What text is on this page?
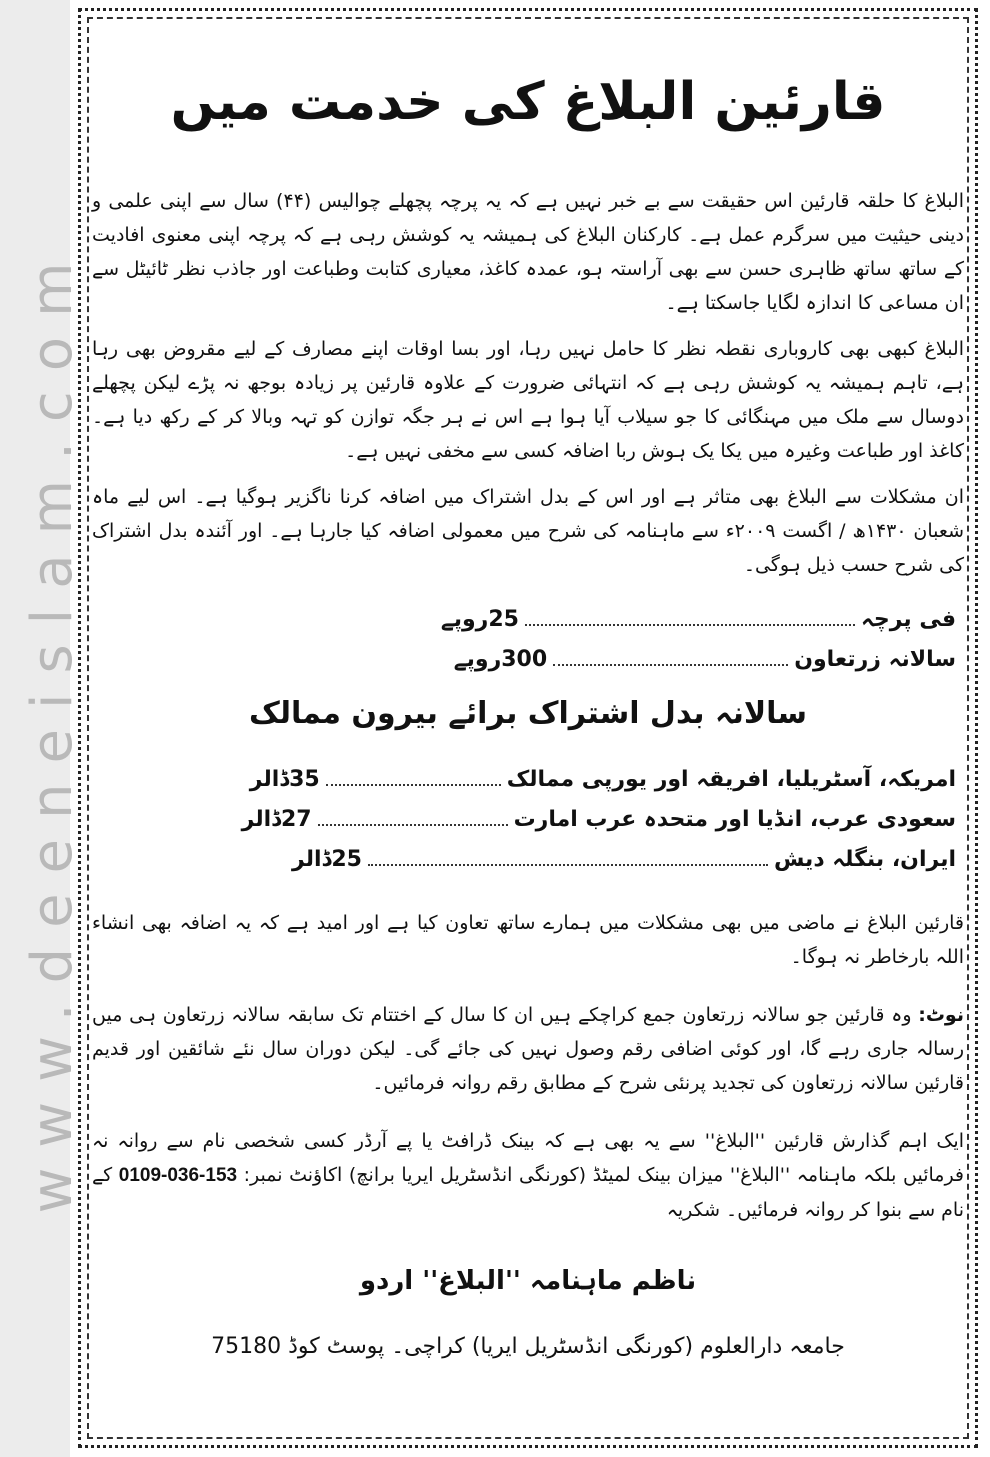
www.deeneislam.com
قارئین البلاغ کی خدمت میں

البلاغ کا حلقہ قارئین اس حقیقت سے بے خبر نہیں ہے کہ یہ پرچہ پچھلے چوالیس (۴۴) سال سے اپنی علمی و دینی حیثیت میں سرگرم عمل ہے۔ کارکنان البلاغ کی ہمیشہ یہ کوشش رہی ہے کہ پرچہ اپنی معنوی افادیت کے ساتھ ساتھ ظاہری حسن سے بھی آراستہ ہو، عمدہ کاغذ، معیاری کتابت وطباعت اور جاذب نظر ٹائیٹل سے ان مساعی کا اندازہ لگایا جاسکتا ہے۔

البلاغ کبھی بھی کاروباری نقطہ نظر کا حامل نہیں رہا، اور بسا اوقات اپنے مصارف کے لیے مقروض بھی رہا ہے، تاہم ہمیشہ یہ کوشش رہی ہے کہ انتہائی ضرورت کے علاوہ قارئین پر زیادہ بوجھ نہ پڑے لیکن پچھلے دوسال سے ملک میں مہنگائی کا جو سیلاب آیا ہوا ہے اس نے ہر جگہ توازن کو تہہ وبالا کر کے رکھ دیا ہے۔ کاغذ اور طباعت وغیرہ میں یکا یک ہوش ربا اضافہ کسی سے مخفی نہیں ہے۔

ان مشکلات سے البلاغ بھی متاثر ہے اور اس کے بدل اشتراک میں اضافہ کرنا ناگزیر ہوگیا ہے۔ اس لیے ماہ شعبان ۱۴۳۰ھ / اگست ۲۰۰۹ء سے ماہنامہ کی شرح میں معمولی اضافہ کیا جارہا ہے۔ اور آئندہ بدل اشتراک کی شرح حسب ذیل ہوگی۔

فی پرچہ
25روپے
سالانہ زرتعاون
300روپے
سالانہ بدل اشتراک برائے بیرون ممالک
امریکہ، آسٹریلیا، افریقہ اور یورپی ممالک
35ڈالر
سعودی عرب، انڈیا اور متحدہ عرب امارت
27ڈالر
ایران، بنگلہ دیش
25ڈالر

قارئین البلاغ نے ماضی میں بھی مشکلات میں ہمارے ساتھ تعاون کیا ہے اور امید ہے کہ یہ اضافہ بھی انشاء اللہ بارخاطر نہ ہوگا۔

نوٹ: وہ قارئین جو سالانہ زرتعاون جمع کراچکے ہیں ان کا سال کے اختتام تک سابقہ سالانہ زرتعاون ہی میں رسالہ جاری رہے گا، اور کوئی اضافی رقم وصول نہیں کی جائے گی۔ لیکن دوران سال نئے شائقین اور قدیم قارئین سالانہ زرتعاون کی تجدید پرنئی شرح کے مطابق رقم روانہ فرمائیں۔

ایک اہم گذارش قارئین ''البلاغ'' سے یہ بھی ہے کہ بینک ڈرافٹ یا پے آرڈر کسی شخصی نام سے روانہ نہ فرمائیں بلکہ ماہنامہ ''البلاغ'' میزان بینک لمیٹڈ (کورنگی انڈسٹریل ایریا برانچ) اکاؤنٹ نمبر: 0109-036-153 کے نام سے بنوا کر روانہ فرمائیں۔ شکریہ

ناظم ماہنامہ ''البلاغ'' اردو
جامعہ دارالعلوم (کورنگی انڈسٹریل ایریا) کراچی۔ پوسٹ کوڈ 75180
